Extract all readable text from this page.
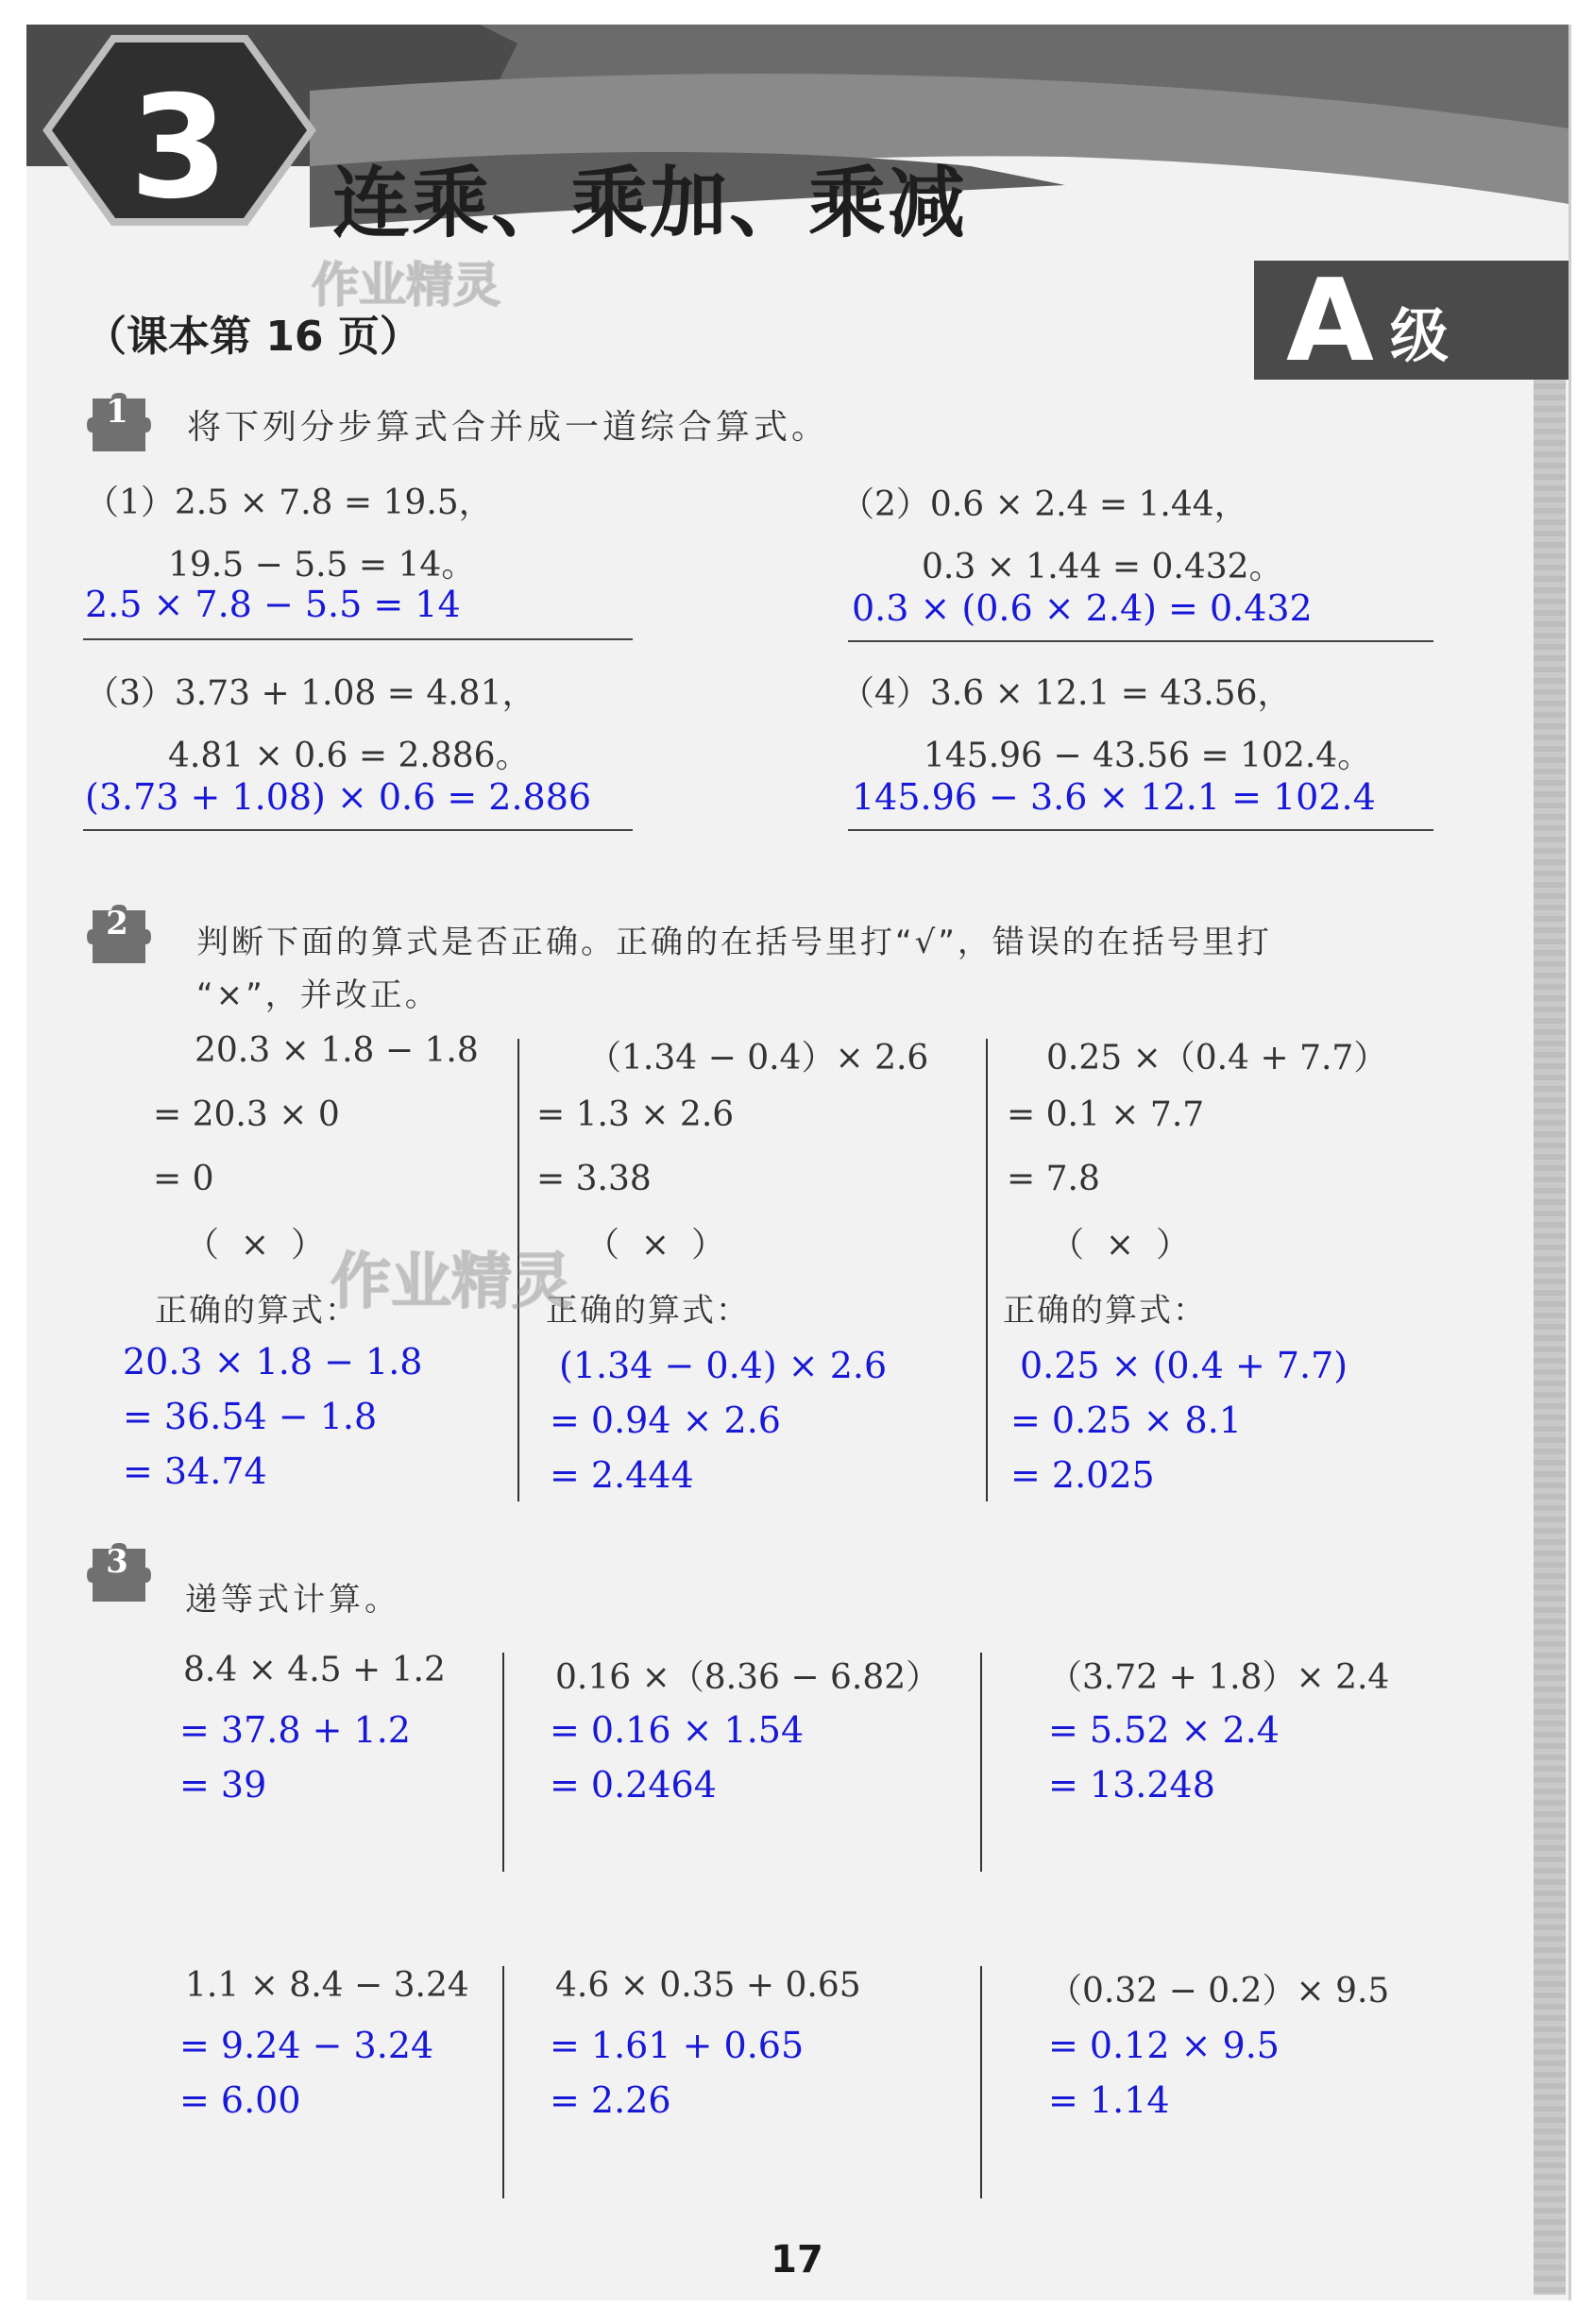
3 连乘、乘加、乘减
作业精灵
（课本第 16 页）	A 级
1	将下列分步算式合并成一道综合算式。
（1）2.5 × 7.8 = 19.5，
19.5 − 5.5 = 14。
2.5 × 7.8 − 5.5 = 14
（2）0.6 × 2.4 = 1.44，
0.3 × 1.44 = 0.432。
0.3 × (0.6 × 2.4) = 0.432
（3）3.73 + 1.08 = 4.81，
4.81 × 0.6 = 2.886。
(3.73 + 1.08) × 0.6 = 2.886
（4）3.6 × 12.1 = 43.56，
145.96 − 43.56 = 102.4。
145.96 − 3.6 × 12.1 = 102.4
2	判断下面的算式是否正确。正确的在括号里打“√”，错误的在括号里打
“×”，并改正。
20.3 × 1.8 − 1.8
= 20.3 × 0
= 0
（  ×  ）
正确的算式：
20.3 × 1.8 − 1.8
= 36.54 − 1.8
= 34.74
（1.34 − 0.4）× 2.6
= 1.3 × 2.6
= 3.38
（  ×  ）
正确的算式：
(1.34 − 0.4) × 2.6
= 0.94 × 2.6
= 2.444
0.25 ×（0.4 + 7.7）
= 0.1 × 7.7
= 7.8
（  ×  ）
正确的算式：
0.25 × (0.4 + 7.7)
= 0.25 × 8.1
= 2.025
作业精灵
3
递等式计算。
8.4 × 4.5 + 1.2
= 37.8 + 1.2
= 39
0.16 ×（8.36 − 6.82）
= 0.16 × 1.54
= 0.2464
（3.72 + 1.8）× 2.4
= 5.52 × 2.4
= 13.248
1.1 × 8.4 − 3.24
= 9.24 − 3.24
= 6.00
4.6 × 0.35 + 0.65
= 1.61 + 0.65
= 2.26
（0.32 − 0.2）× 9.5
= 0.12 × 9.5
= 1.14
17
